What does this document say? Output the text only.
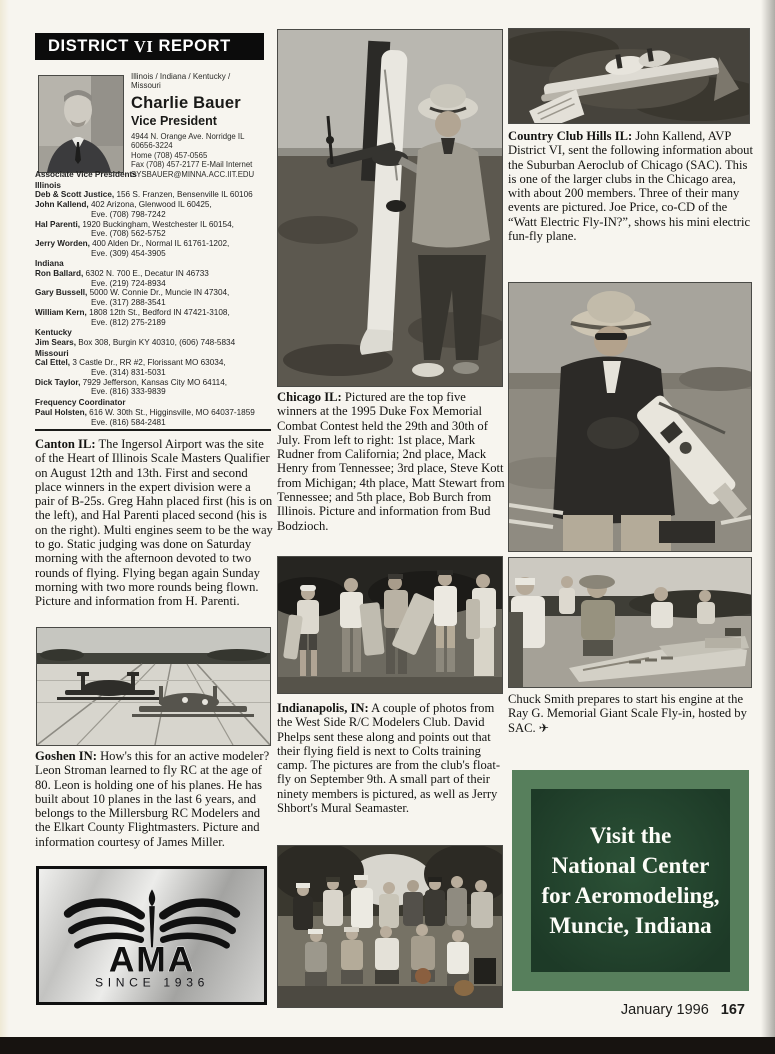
DISTRICT VI REPORT
Illinois / Indiana / Kentucky /
Missouri
Charlie Bauer
Vice President
4944 N. Orange Ave. Norridge IL
60656-3224
Home (708) 457-0565
Fax (708) 457-2177 E-Mail Internet
SYSBAUER@MINNA.ACC.IIT.EDU
Associate Vice Presidents
Illinois
Deb & Scott Justice, 156 S. Franzen, Bensenville IL 60106
John Kallend, 402 Arizona, Glenwood IL 60425,
Eve. (708) 798-7242
Hal Parenti, 1920 Buckingham, Westchester IL 60154,
Eve. (708) 562-5752
Jerry Worden, 400 Alden Dr., Normal IL 61761-1202,
Eve. (309) 454-3905
Indiana
Ron Ballard, 6302 N. 700 E., Decatur IN 46733
Eve. (219) 724-8934
Gary Bussell, 5000 W. Connie Dr., Muncie IN 47304,
Eve. (317) 288-3541
William Kern, 1808 12th St., Bedford IN 47421-3108,
Eve. (812) 275-2189
Kentucky
Jim Sears, Box 308, Burgin KY 40310, (606) 748-5834
Missouri
Cal Ettel, 3 Castle Dr., RR #2, Florissant MO 63034,
Eve. (314) 831-5031
Dick Taylor, 7929 Jefferson, Kansas City MO 64114,
Eve. (816) 333-9839
Frequency Coordinator
Paul Holsten, 616 W. 30th St., Higginsville, MO 64037-1859
Eve. (816) 584-2481

Canton IL: The Ingersol Airport was the site of the Heart of Illinois Scale Masters Qualifier on August 12th and 13th. First and second place winners in the expert division were a pair of B-25s. Greg Hahn placed first (his is on the left), and Hal Parenti placed second (his is on the right). Multi engines seem to be the way to go. Static judging was done on Saturday morning with the afternoon devoted to two rounds of flying. Flying began again Sunday morning with two more rounds being flown. Picture and information from H. Parenti.

Goshen IN: How's this for an active modeler? Leon Stroman learned to fly RC at the age of 80. Leon is holding one of his planes. He has built about 10 planes in the last 6 years, and belongs to the Millersburg RC Modelers and the Elkart County Flightmasters. Picture and information courtesy of James Miller.

AMA
SINCE 1936

Chicago IL: Pictured are the top five winners at the 1995 Duke Fox Memorial Combat Contest held the 29th and 30th of July. From left to right: 1st place, Mark Rudner from California; 2nd place, Mack Henry from Tennessee; 3rd place, Steve Kott from Michigan; 4th place, Matt Stewart from Tennessee; and 5th place, Bob Burch from Illinois. Picture and information from Bud Bodzioch.

Indianapolis, IN: A couple of photos from the West Side R/C Modelers Club. David Phelps sent these along and points out that their flying field is next to Colts training camp. The pictures are from the club's float-fly on September 9th. A small part of their ninety members is pictured, as well as Jerry Shbort's Mural Seamaster.

Country Club Hills IL: John Kallend, AVP District VI, sent the following information about the Suburban Aeroclub of Chicago (SAC). This is one of the larger clubs in the Chicago area, with about 200 members. Three of their many events are pictured. Joe Price, co-CD of the “Watt Electric Fly-IN?”, shows his mini electric fun-fly plane.

Chuck Smith prepares to start his engine at the Ray G. Memorial Giant Scale Fly-in, hosted by SAC. ✈

Visit the
National Center
for Aeromodeling,
Muncie, Indiana
January 1996 167
